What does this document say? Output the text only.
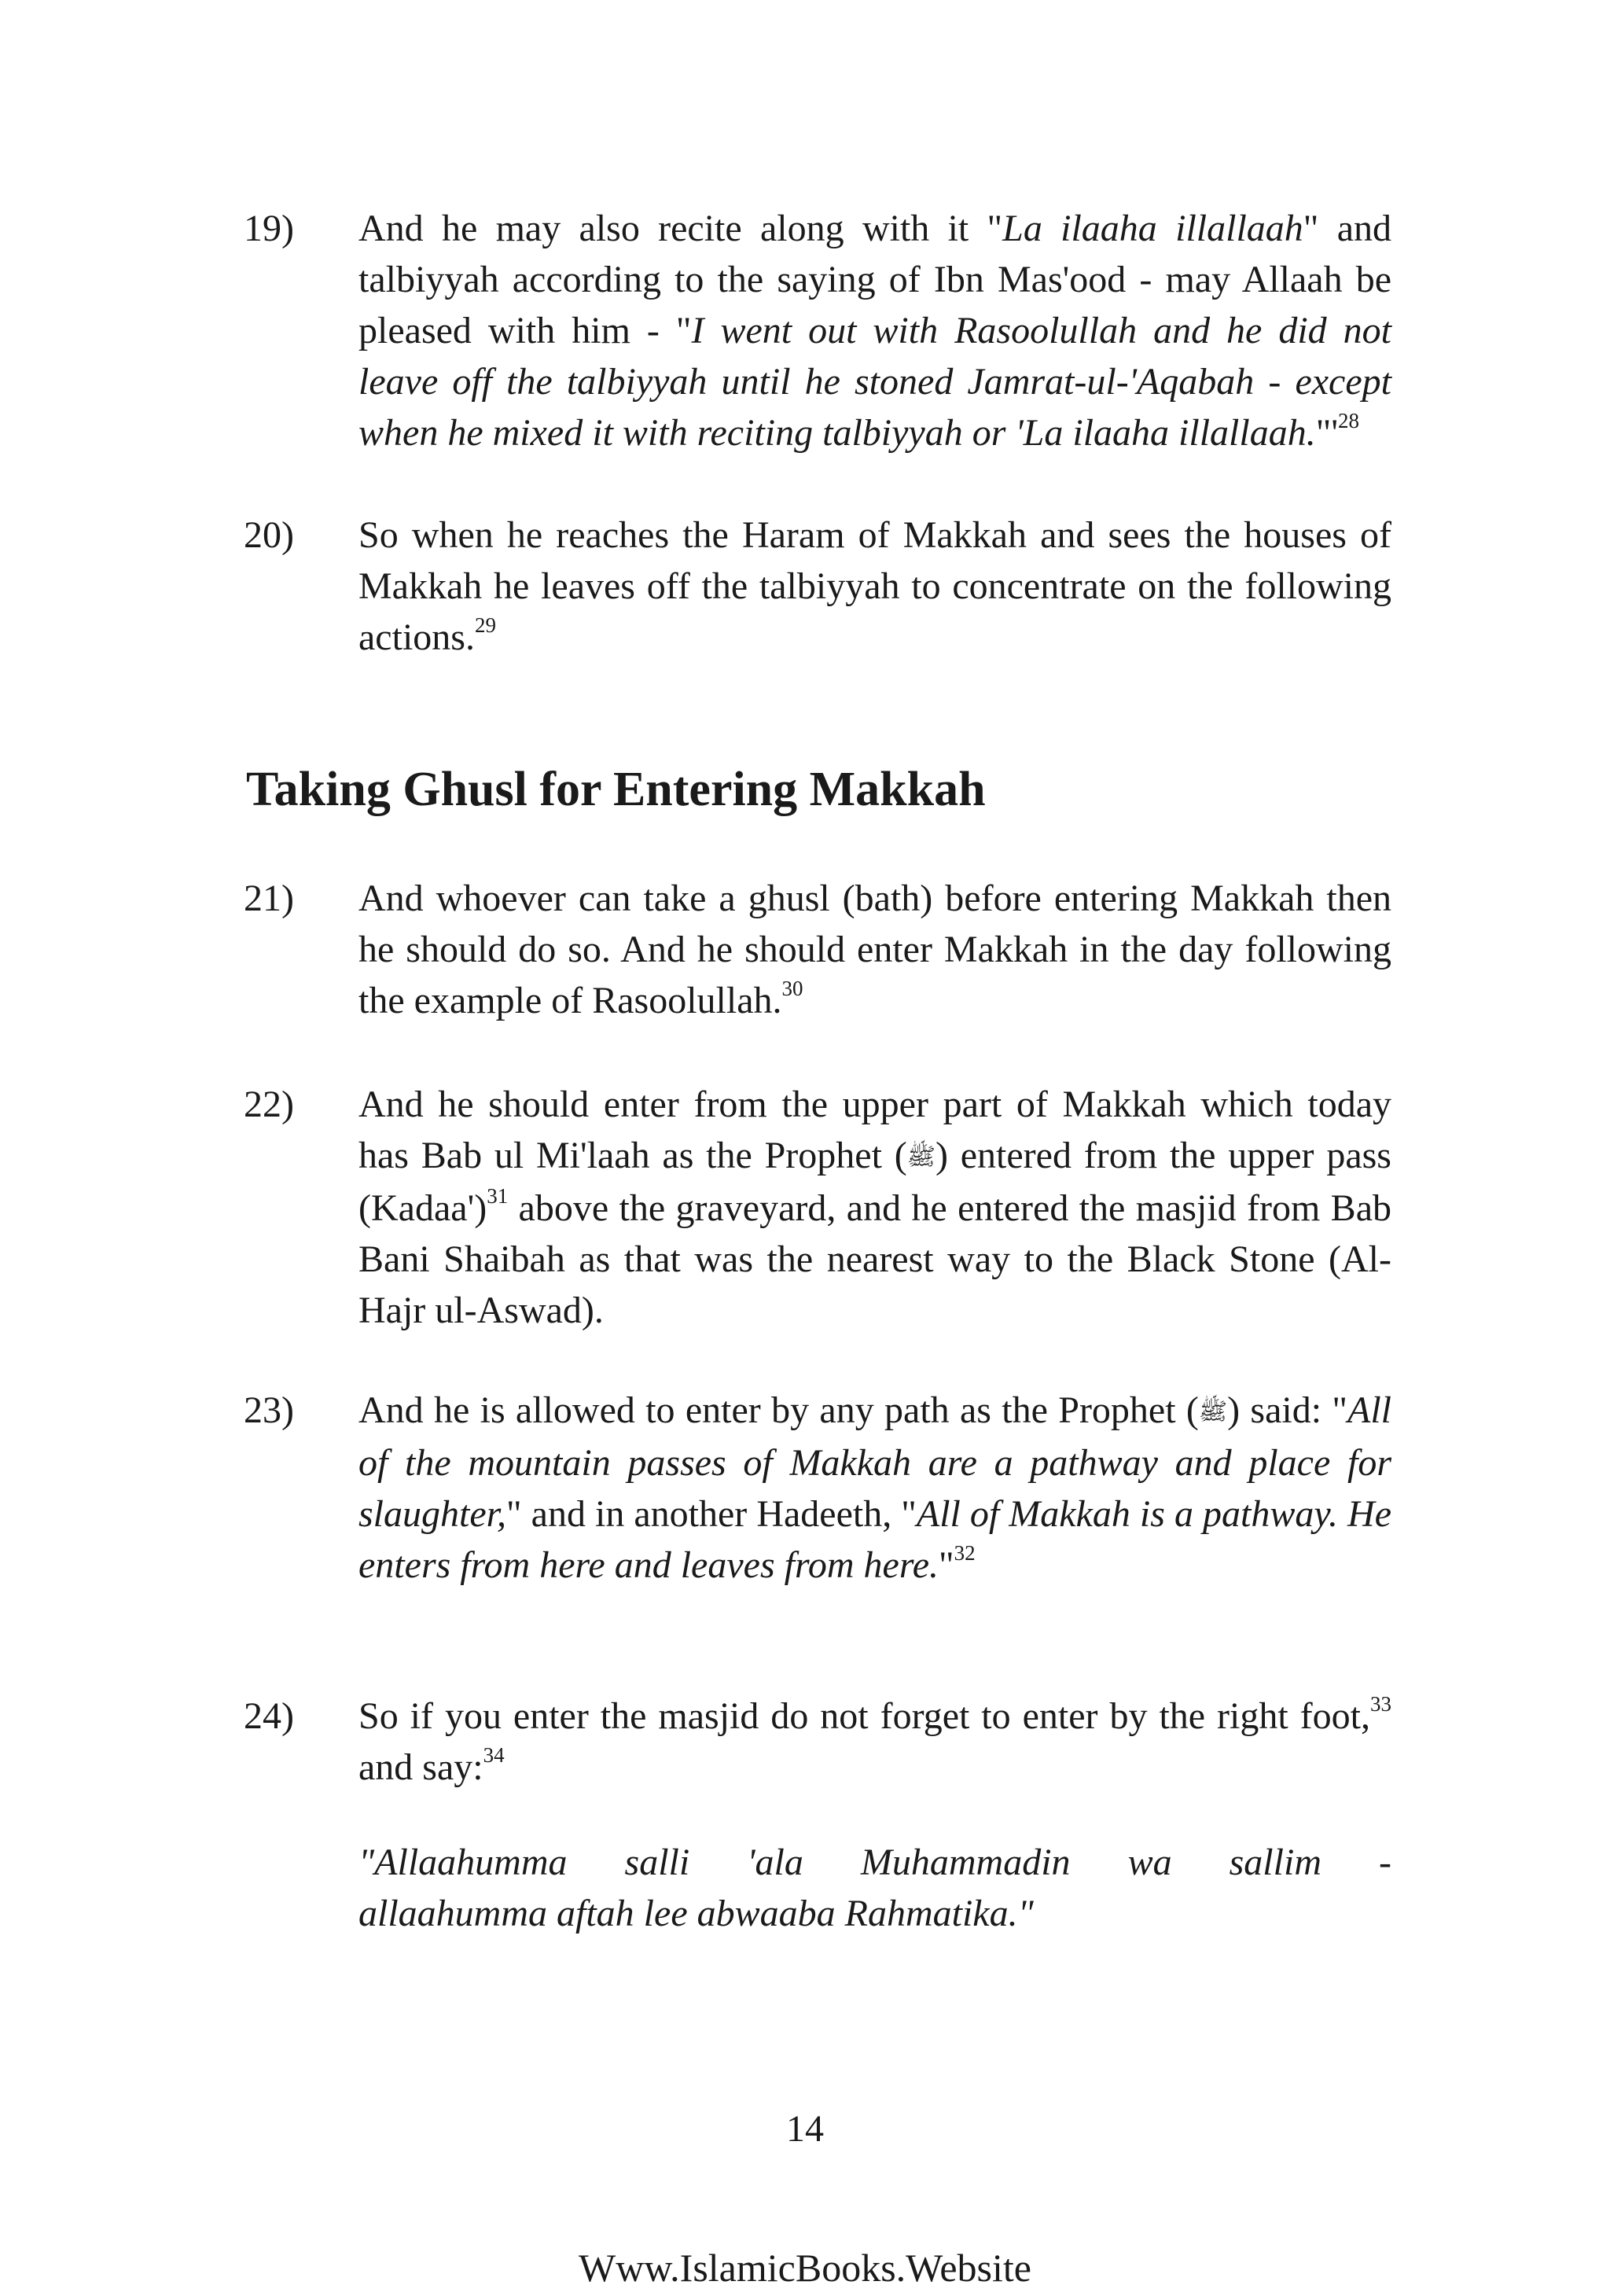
19)	And he may also recite along with it "La ilaaha illallaah" and talbiyyah according to the saying of Ibn Mas'ood - may Allaah be pleased with him - "I went out with Rasoolullah and he did not leave off the talbiyyah until he stoned Jamrat-ul-'Aqabah - except when he mixed it with reciting talbiyyah or 'La ilaaha $illallaah."'^{28}$
20)	So when he reaches the Haram of Makkah and sees the houses of Makkah he leaves off the talbiyyah to concentrate on the following actions.$^{29}$
Taking Ghusl for Entering Makkah
21)	And whoever can take a ghusl (bath) before entering Makkah then he should do so. And he should enter Makkah in the day following the example of Rasoolullah.$^{30}$
22)	And he should enter from the upper part of Makkah which today has Bab ul Mi'laah as the Prophet (ﷺ) entered from the upper pass (Kadaa')$^{31}$ above the graveyard, and he entered the masjid from Bab Bani Shaibah as that was the nearest way to the Black Stone (Al-Hajr ul-Aswad).
23)	And he is allowed to enter by any path as the Prophet (ﷺ) said: "All of the mountain passes of Makkah are a pathway and place for slaughter," and in another Hadeeth, "All of Makkah is a pathway. He enters from here and leaves from here."$^{32}$
24)	So if you enter the masjid do not forget to enter by the right foot,$^{33}$ and say:$^{34}$
"Allaahumma salli 'ala Muhammadin wa sallim -
allaahumma aftah lee abwaaba Rahmatika."
14
Www.IslamicBooks.Website
